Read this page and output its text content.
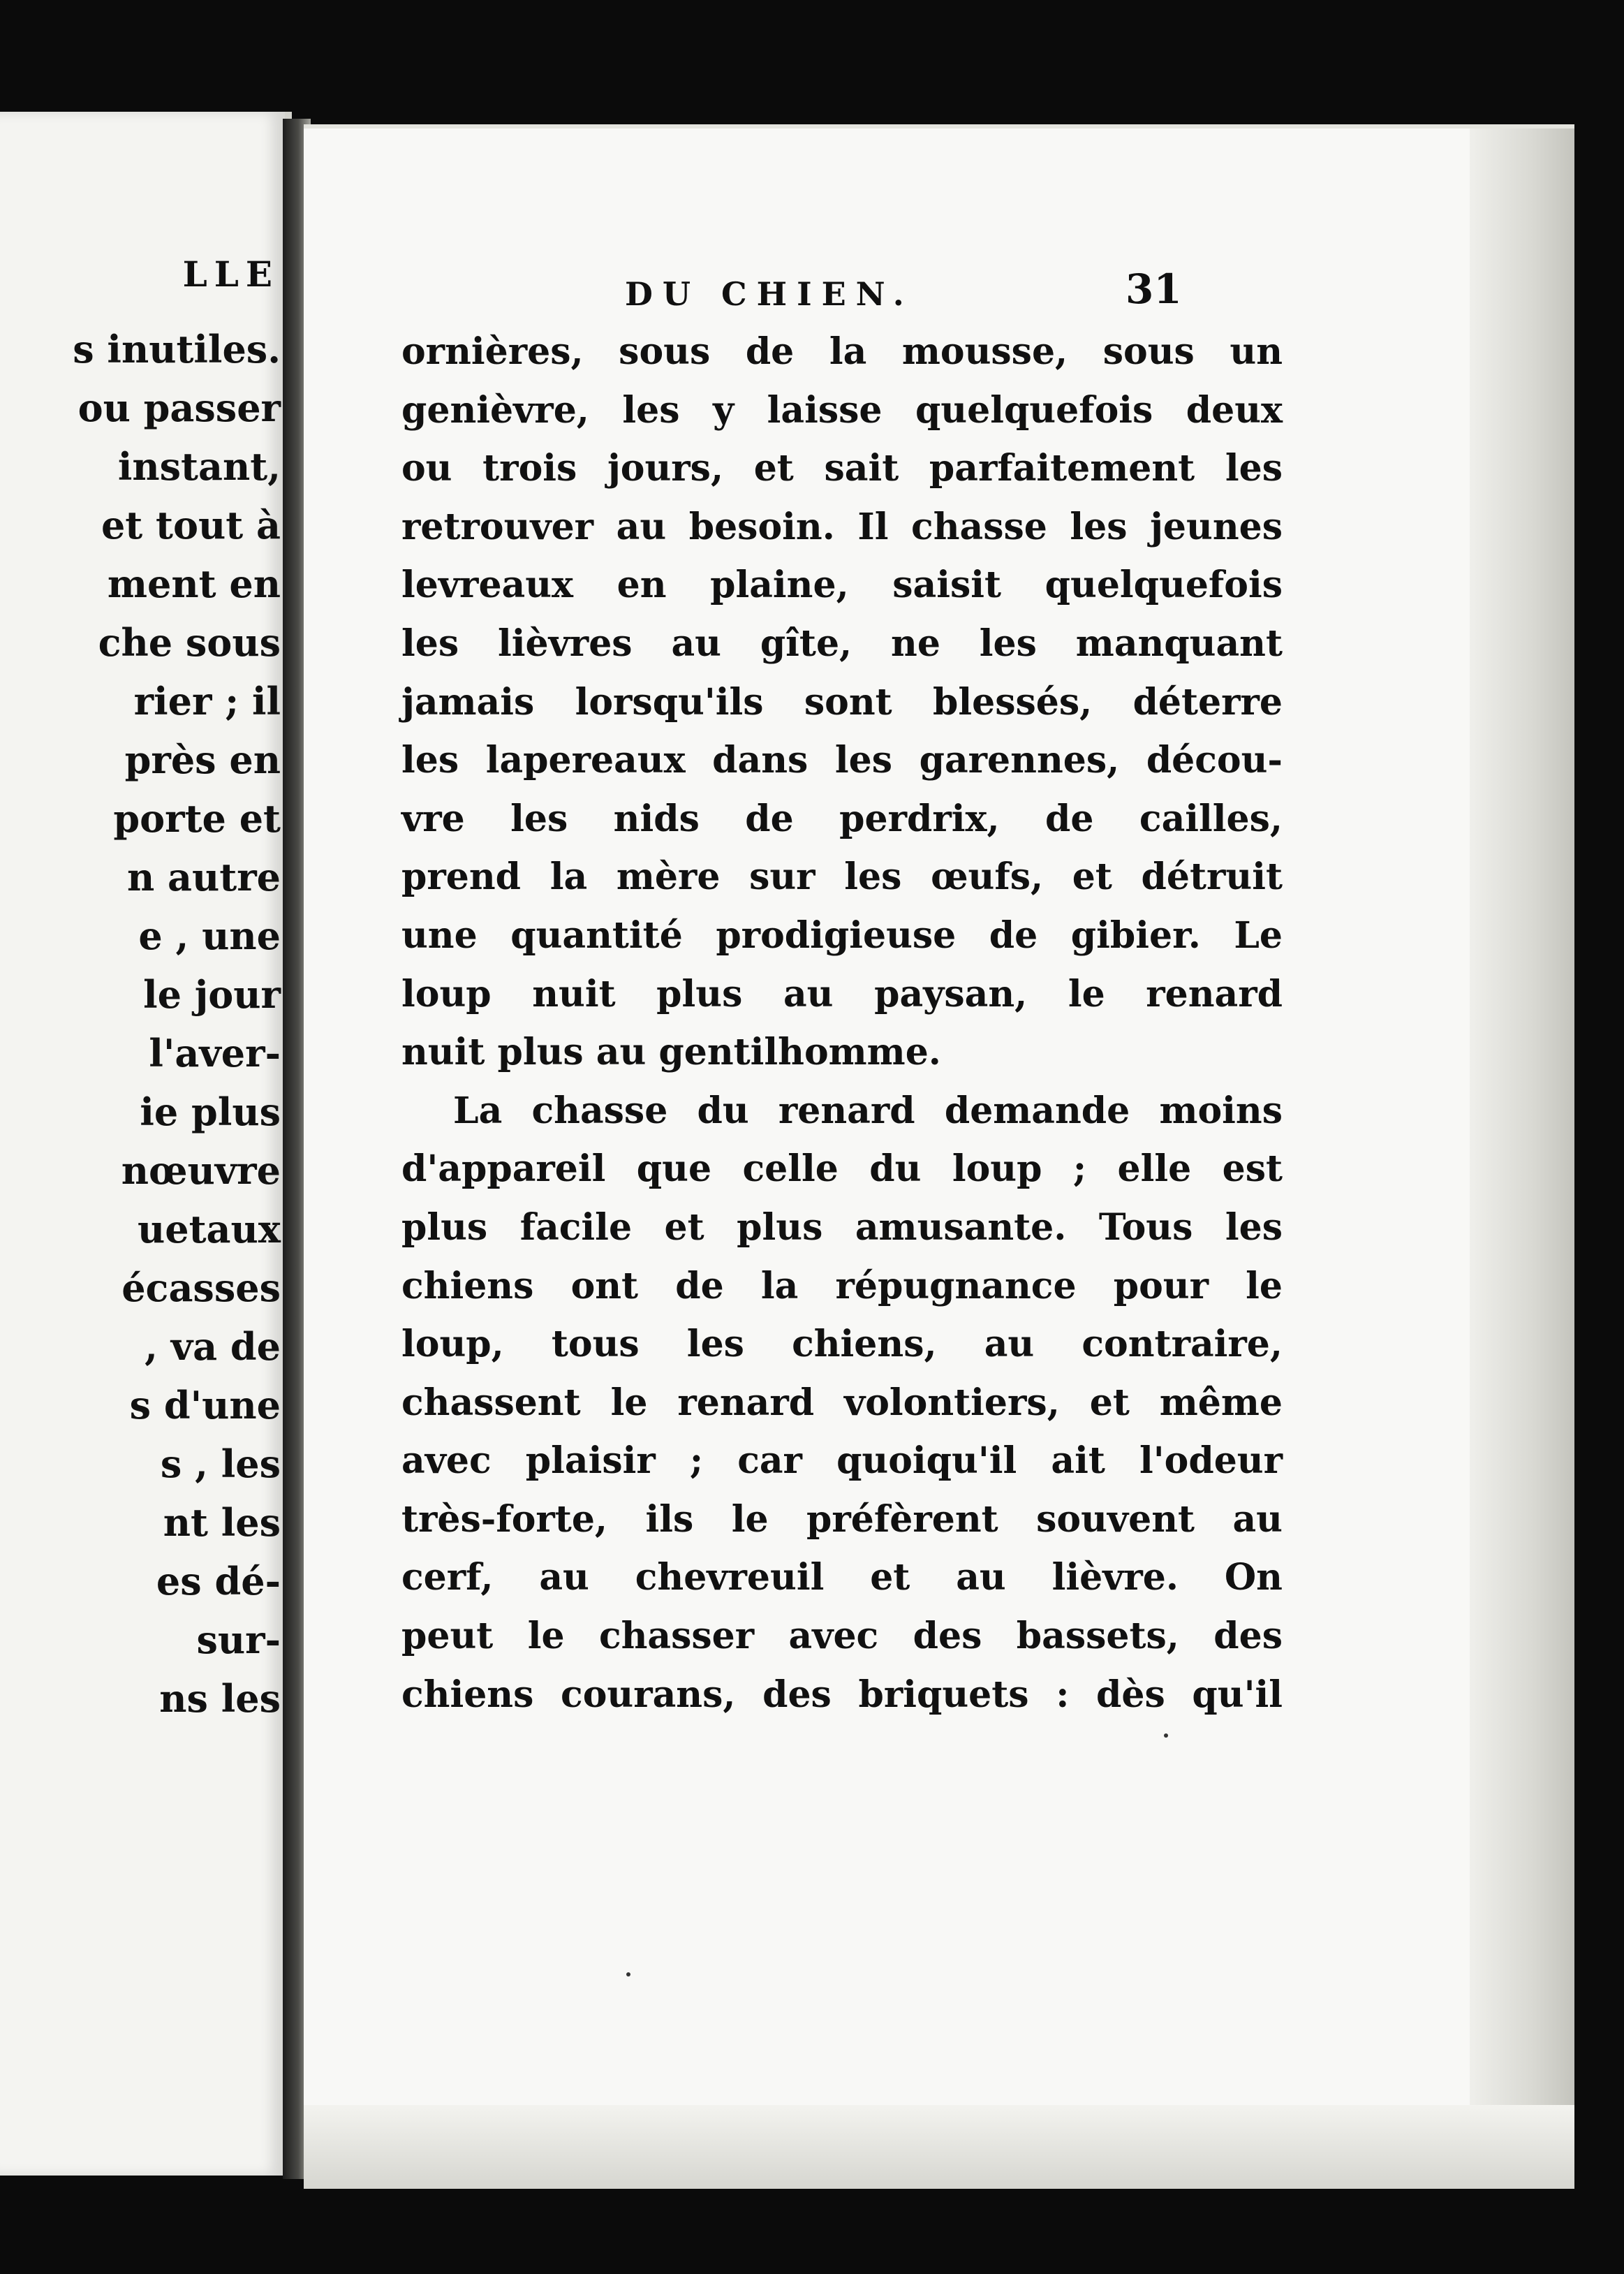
LLE
s inutiles.
ou passer
instant,
et tout à
ment en
che sous
rier ; il
près en
porte et
n autre
e , une
le jour
l'aver-
ie plus
nœuvre
uetaux
écasses
, va de
s d'une
s , les
nt les
es dé-
sur-
ns les
DU CHIEN.	31
ornières, sous de la mousse, sous un
genièvre, les y laisse quelquefois deux
ou trois jours, et sait parfaitement les
retrouver au besoin. Il chasse les jeunes
levreaux en plaine, saisit quelquefois
les lièvres au gîte, ne les manquant
jamais lorsqu'ils sont blessés, déterre
les lapereaux dans les garennes, décou-
vre les nids de perdrix, de cailles,
prend la mère sur les œufs, et détruit
une quantité prodigieuse de gibier. Le
loup nuit plus au paysan, le renard
nuit plus au gentilhomme.
La chasse du renard demande moins
d'appareil que celle du loup ; elle est
plus facile et plus amusante. Tous les
chiens ont de la répugnance pour le
loup, tous les chiens, au contraire,
chassent le renard volontiers, et même
avec plaisir ; car quoiqu'il ait l'odeur
très-forte, ils le préfèrent souvent au
cerf, au chevreuil et au lièvre. On
peut le chasser avec des bassets, des
chiens courans, des briquets : dès qu'il
